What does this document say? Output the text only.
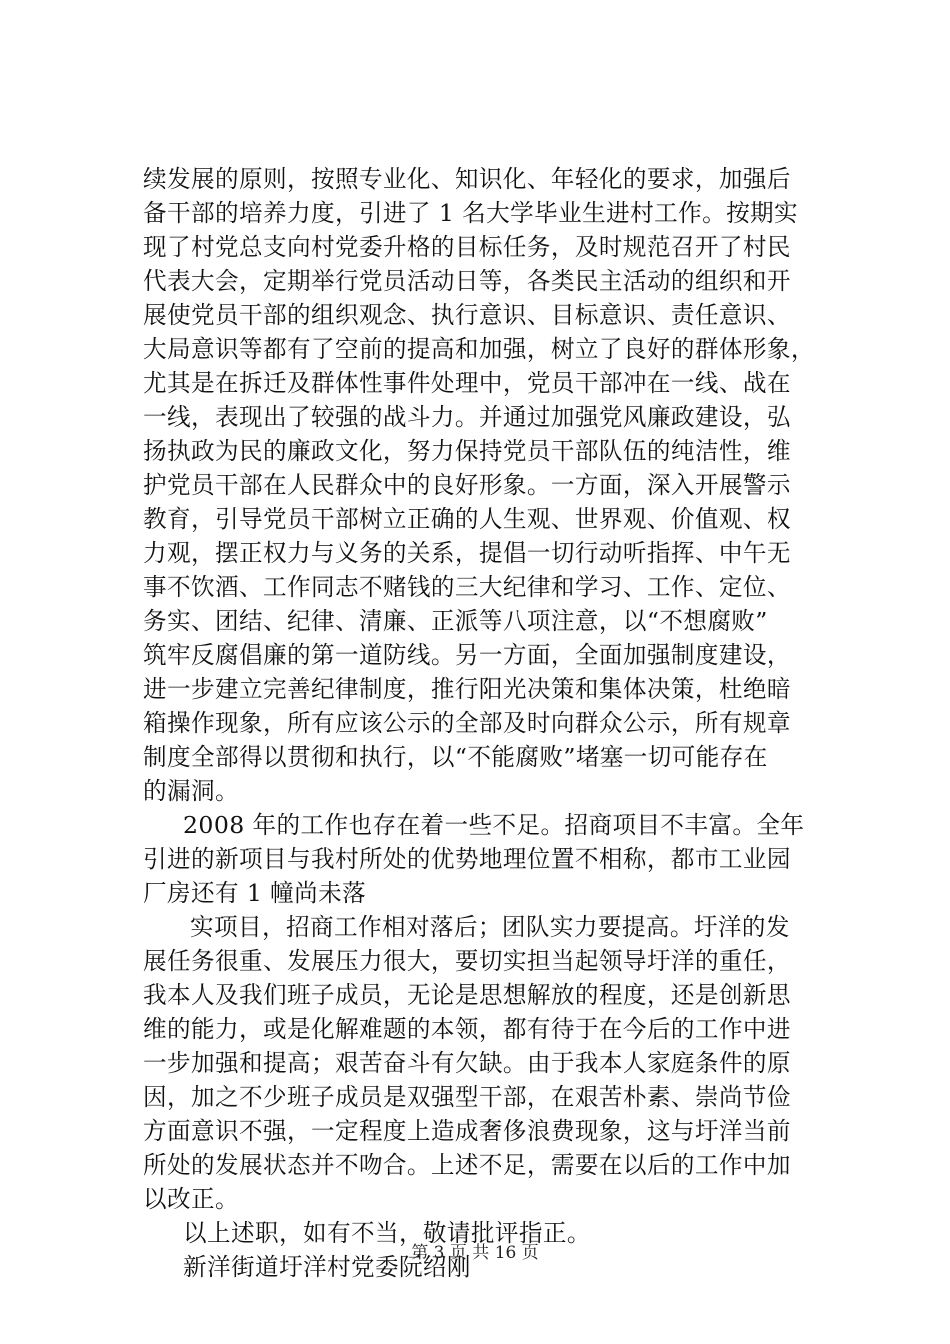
续发展的原则，按照专业化、知识化、年轻化的要求，加强后
备干部的培养力度，引进了 1 名大学毕业生进村工作。按期实
现了村党总支向村党委升格的目标任务，及时规范召开了村民
代表大会，定期举行党员活动日等，各类民主活动的组织和开
展使党员干部的组织观念、执行意识、目标意识、责任意识、
大局意识等都有了空前的提高和加强，树立了良好的群体形象，
尤其是在拆迁及群体性事件处理中，党员干部冲在一线、战在
一线，表现出了较强的战斗力。并通过加强党风廉政建设，弘
扬执政为民的廉政文化，努力保持党员干部队伍的纯洁性，维
护党员干部在人民群众中的良好形象。一方面，深入开展警示
教育，引导党员干部树立正确的人生观、世界观、价值观、权
力观，摆正权力与义务的关系，提倡一切行动听指挥、中午无
事不饮酒、工作同志不赌钱的三大纪律和学习、工作、定位、
务实、团结、纪律、清廉、正派等八项注意，以“不想腐败”
筑牢反腐倡廉的第一道防线。另一方面，全面加强制度建设，
进一步建立完善纪律制度，推行阳光决策和集体决策，杜绝暗
箱操作现象，所有应该公示的全部及时向群众公示，所有规章
制度全部得以贯彻和执行，以“不能腐败”堵塞一切可能存在
的漏洞。
2008 年的工作也存在着一些不足。招商项目不丰富。全年
引进的新项目与我村所处的优势地理位置不相称，都市工业园
厂房还有 1 幢尚未落
实项目，招商工作相对落后；团队实力要提高。圩洋的发
展任务很重、发展压力很大，要切实担当起领导圩洋的重任，
我本人及我们班子成员，无论是思想解放的程度，还是创新思
维的能力，或是化解难题的本领，都有待于在今后的工作中进
一步加强和提高；艰苦奋斗有欠缺。由于我本人家庭条件的原
因，加之不少班子成员是双强型干部，在艰苦朴素、崇尚节俭
方面意识不强，一定程度上造成奢侈浪费现象，这与圩洋当前
所处的发展状态并不吻合。上述不足，需要在以后的工作中加
以改正。
以上述职，如有不当，敬请批评指正。
新洋街道圩洋村党委阮绍刚
第 3 页 共 16 页
